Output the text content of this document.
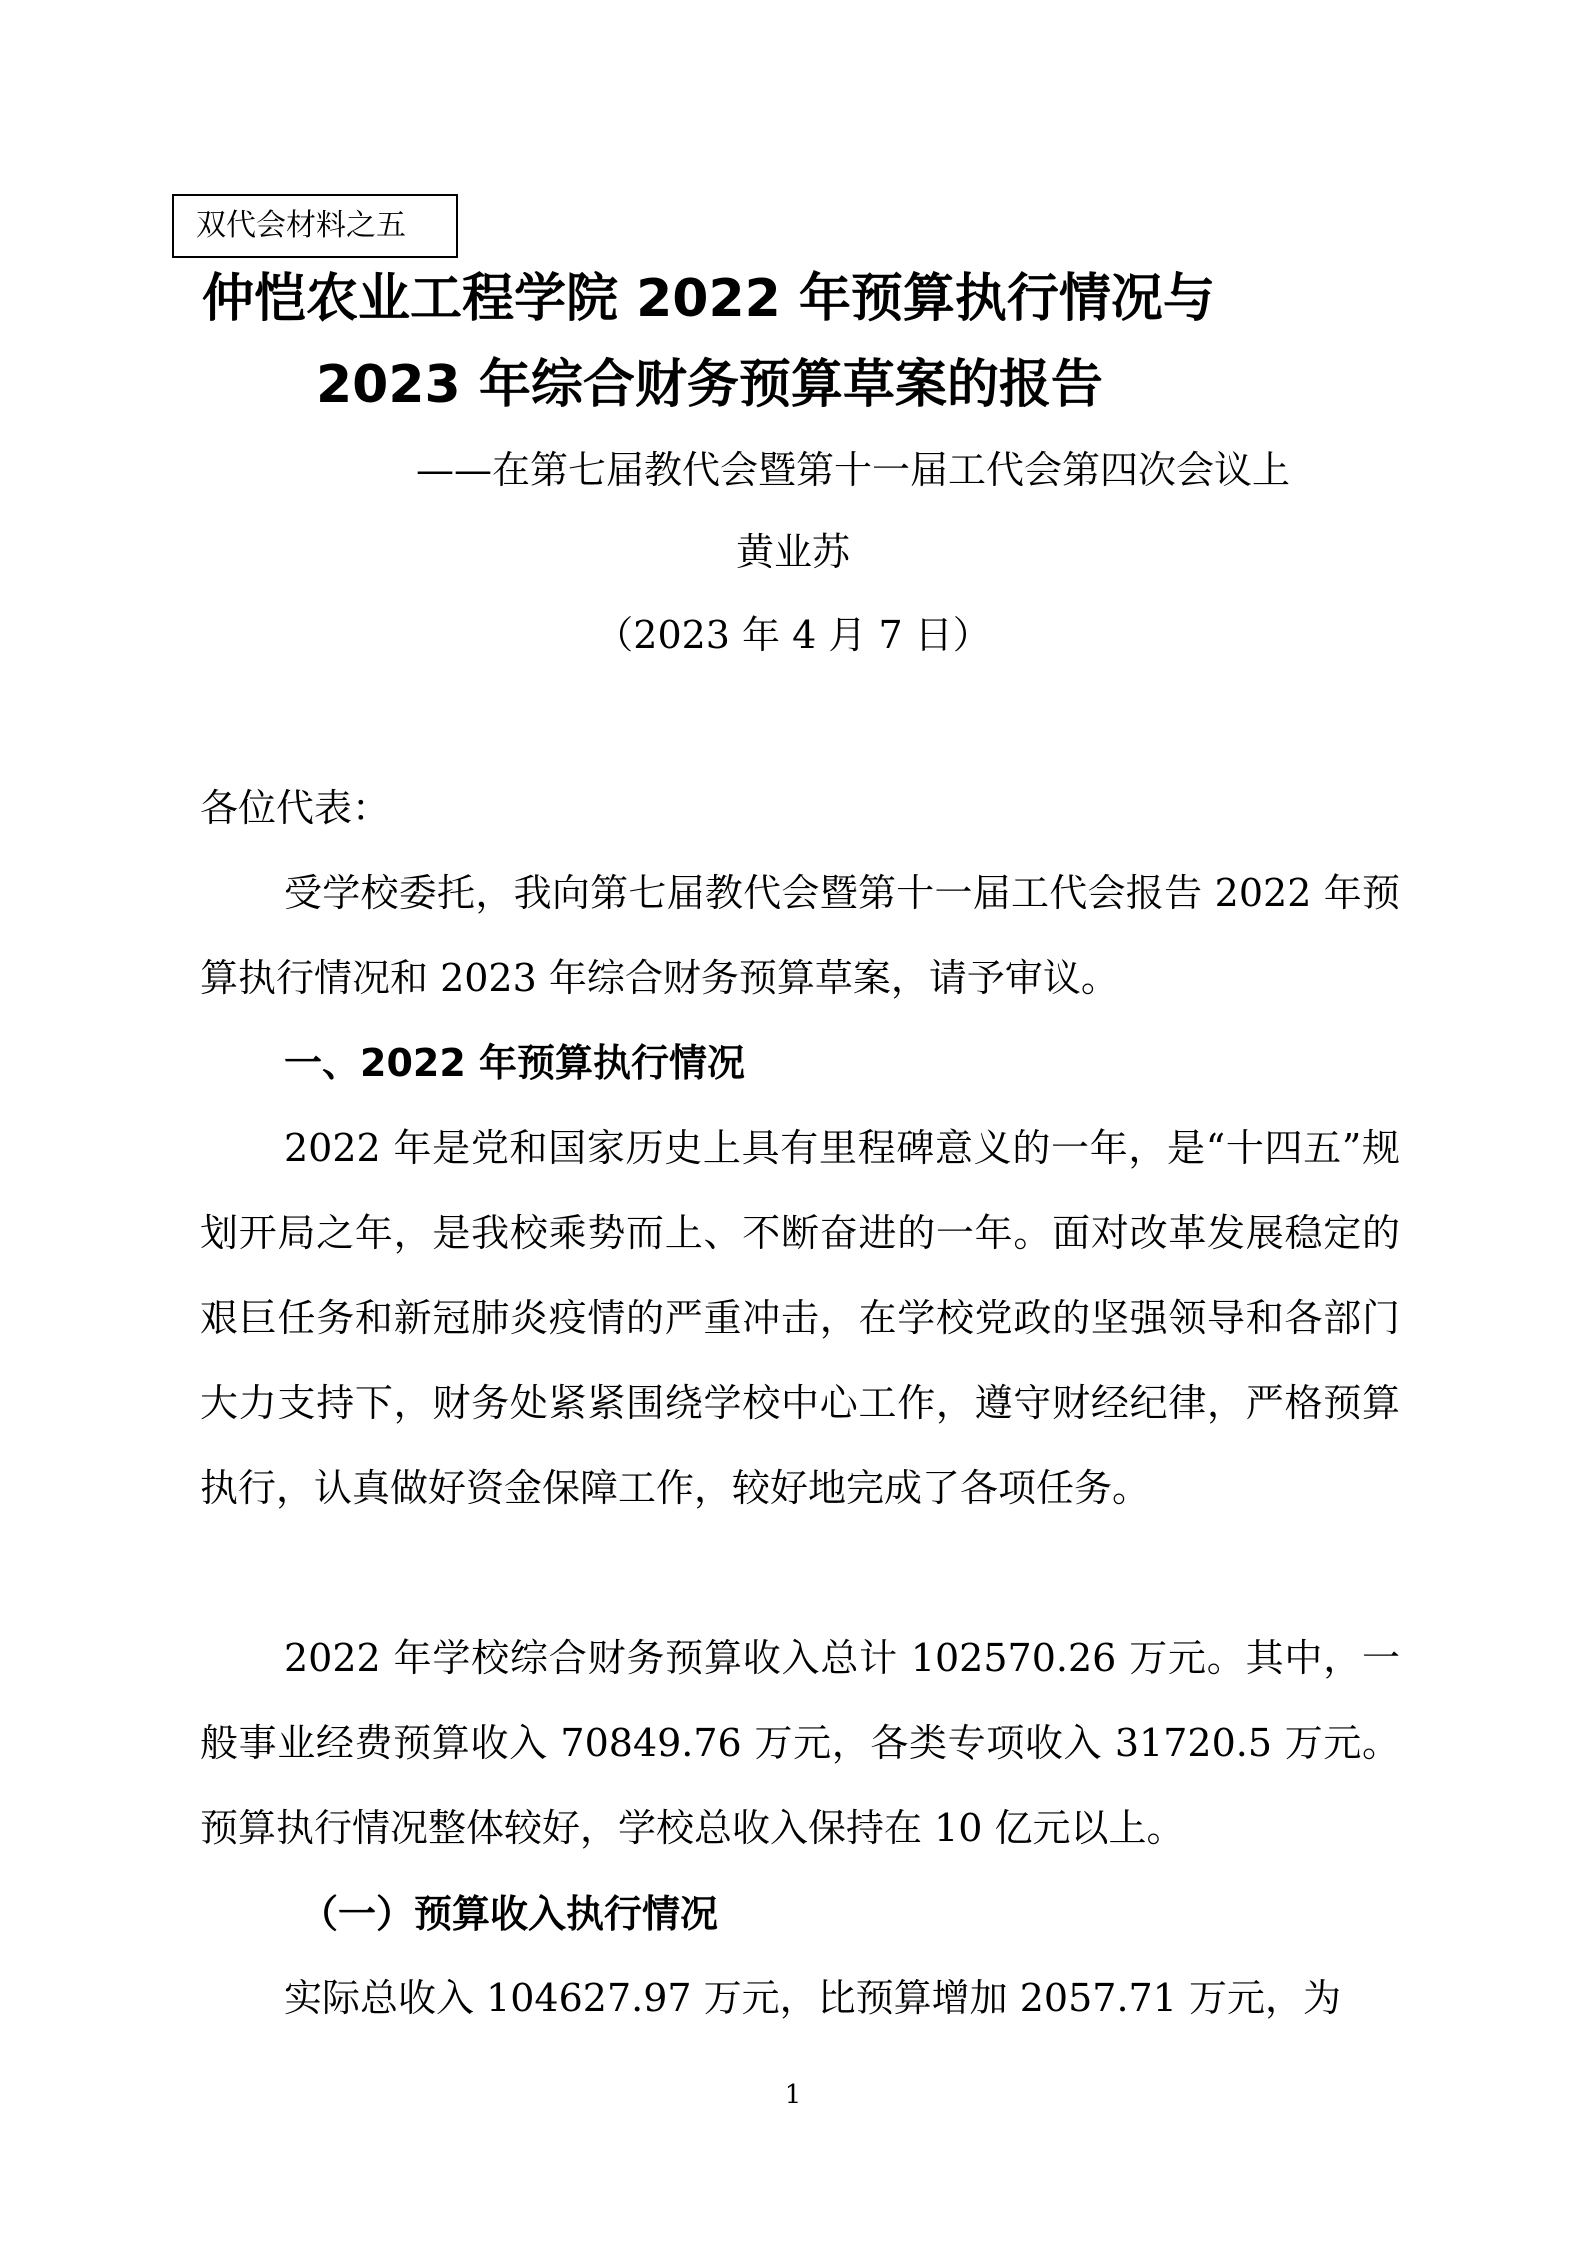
双代会材料之五
仲恺农业工程学院 2022 年预算执行情况与
2023 年综合财务预算草案的报告
——在第七届教代会暨第十一届工代会第四次会议上
黄业苏
（2023 年 4 月 7 日）
各位代表：
受学校委托，我向第七届教代会暨第十一届工代会报告 2022 年预算执行情况和 2023 年综合财务预算草案，请予审议。
一、2022 年预算执行情况
2022 年是党和国家历史上具有里程碑意义的一年，是“十四五”规划开局之年，是我校乘势而上、不断奋进的一年。面对改革发展稳定的艰巨任务和新冠肺炎疫情的严重冲击，在学校党政的坚强领导和各部门大力支持下，财务处紧紧围绕学校中心工作，遵守财经纪律，严格预算执行，认真做好资金保障工作，较好地完成了各项任务。
2022 年学校综合财务预算收入总计 102570.26 万元。其中，一般事业经费预算收入 70849.76 万元，各类专项收入 31720.5 万元。预算执行情况整体较好，学校总收入保持在 10 亿元以上。
（一）预算收入执行情况
实际总收入 104627.97 万元，比预算增加 2057.71 万元，为
1
